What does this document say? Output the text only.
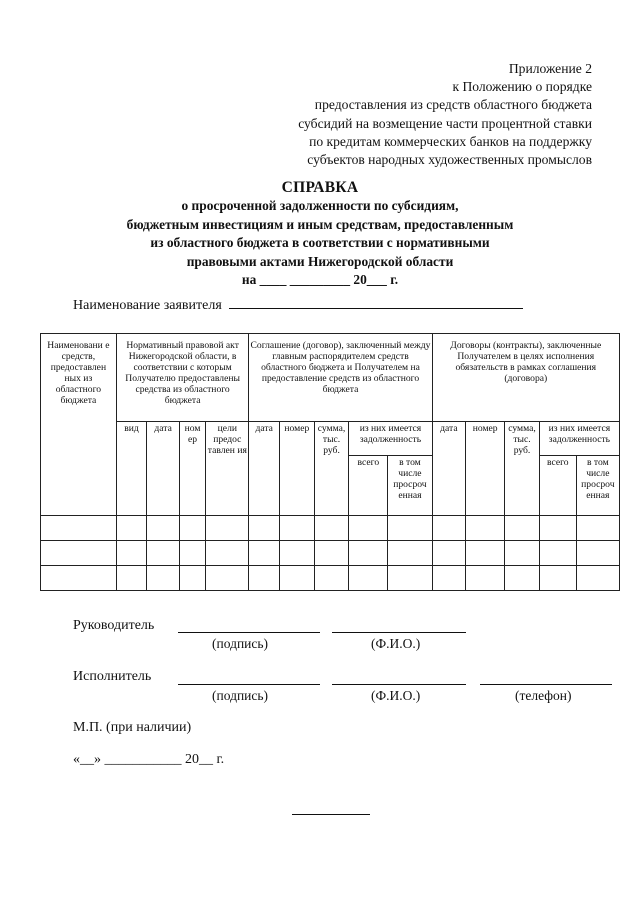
Приложение 2
к Положению о порядке
предоставления из средств областного бюджета
субсидий на возмещение части процентной ставки
по кредитам коммерческих банков на поддержку
субъектов народных художественных промыслов
СПРАВКА
о просроченной задолженности по субсидиям,
бюджетным инвестициям и иным средствам, предоставленным
из областного бюджета в соответствии с нормативными
правовыми актами Нижегородской области
на ____ _________ 20___ г.
Наименование заявителя
Наименовани е средств, предоставлен ных из областного бюджета	Нормативный правовой акт Нижегородской области, в соответствии с которым Получателю предоставлены средства из областного бюджета				Соглашение (договор), заключенный между главным распорядителем средств областного бюджета и Получателем на предоставление средств из областного бюджета					Договоры (контракты), заключенные Получателем в целях исполнения обязательств в рамках соглашения (договора)				
	вид	дата	ном ер	цели предос тавлен ия	дата	номер	сумма, тыс. руб.	из них имеется задолженность		дата	номер	сумма, тыс. руб.	из них имеется задолженность	
								всего	в том числе просроч енная				всего	в том числе просроч енная

Руководитель
(подпись)	(Ф.И.О.)
Исполнитель
(подпись)	(Ф.И.О.)	(телефон)
М.П. (при наличии)
«__» ___________ 20__ г.
